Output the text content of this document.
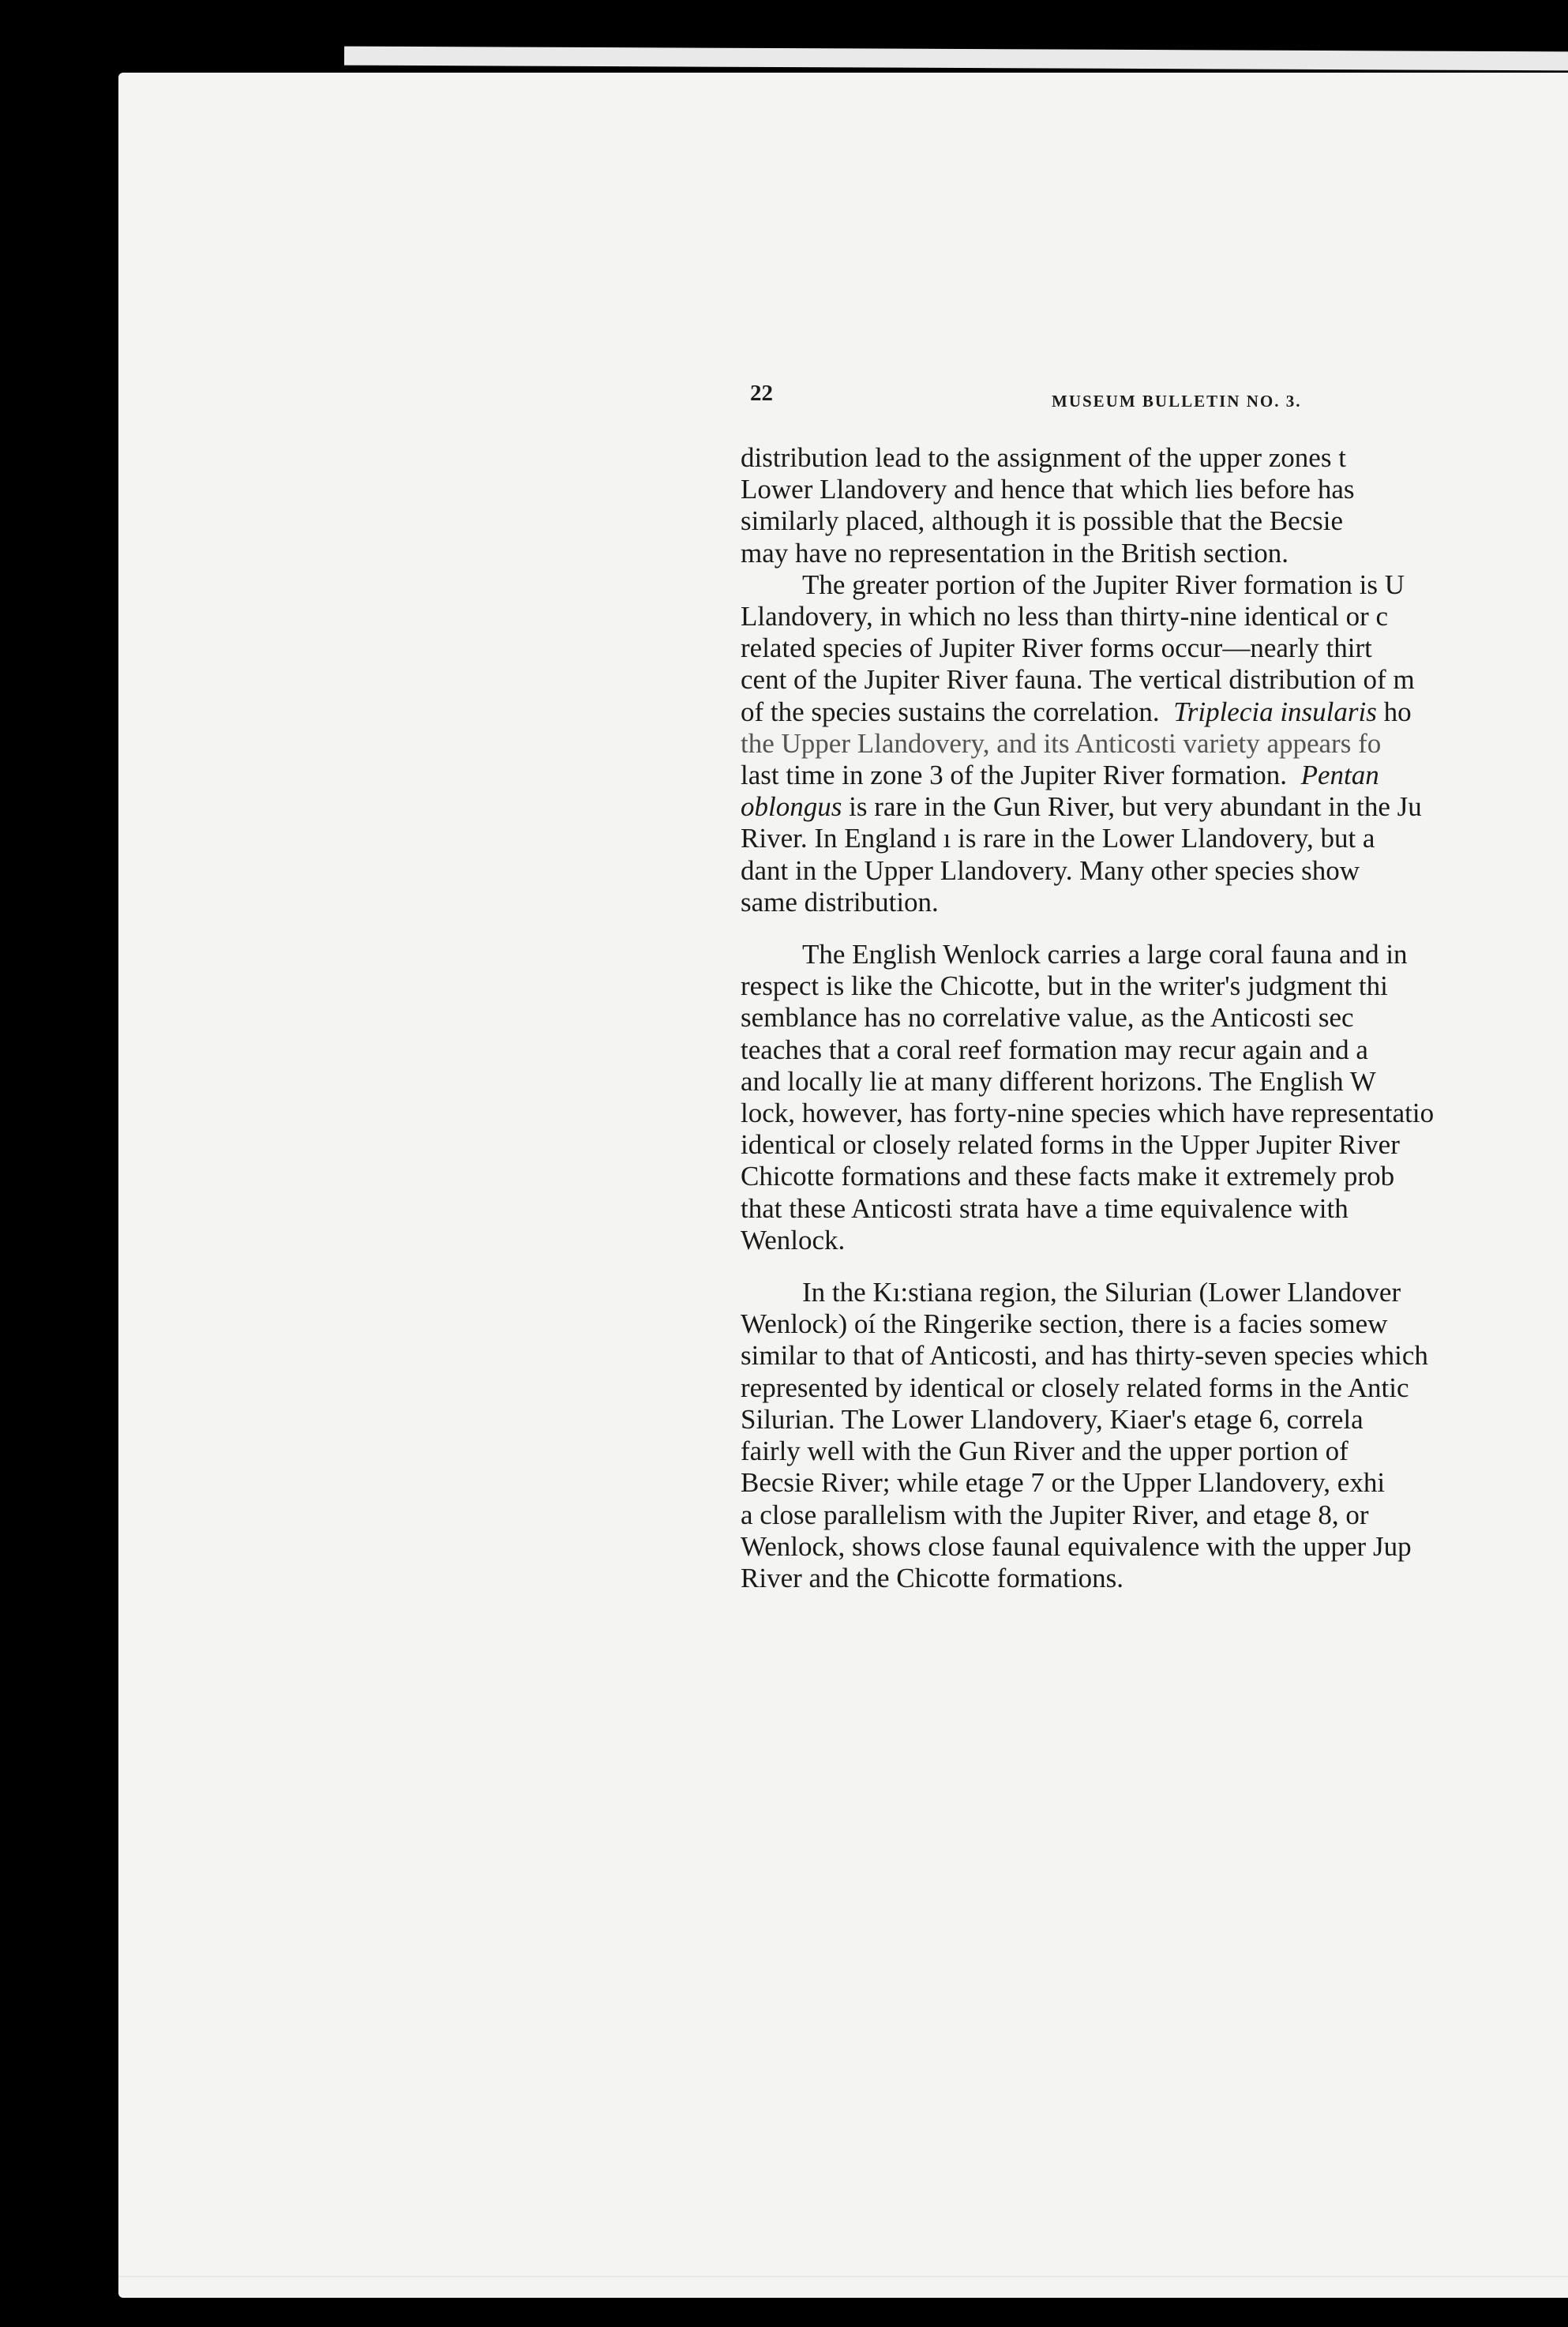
22	MUSEUM BULLETIN NO. 3.

distribution lead to the assignment of the upper zones t
Lower Llandovery and hence that which lies before has
similarly placed, although it is possible that the Becsie
may have no representation in the British section.

The greater portion of the Jupiter River formation is U
Llandovery, in which no less than thirty-nine identical or c
related species of Jupiter River forms occur—nearly thirt
cent of the Jupiter River fauna. The vertical distribution of m
of the species sustains the correlation. Triplecia insularis ho
the Upper Llandovery, and its Anticosti variety appears fo
last time in zone 3 of the Jupiter River formation. Pentan
oblongus is rare in the Gun River, but very abundant in the Ju
River. In England ı is rare in the Lower Llandovery, but a
dant in the Upper Llandovery. Many other species show
same distribution.

The English Wenlock carries a large coral fauna and in
respect is like the Chicotte, but in the writer's judgment thi
semblance has no correlative value, as the Anticosti sec
teaches that a coral reef formation may recur again and a
and locally lie at many different horizons. The English W
lock, however, has forty-nine species which have representatio
identical or closely related forms in the Upper Jupiter River
Chicotte formations and these facts make it extremely prob
that these Anticosti strata have a time equivalence with
Wenlock.

In the Kı:stiana region, the Silurian (Lower Llandover
Wenlock) oí the Ringerike section, there is a facies somew
similar to that of Anticosti, and has thirty-seven species which
represented by identical or closely related forms in the Antic
Silurian. The Lower Llandovery, Kiaer's etage 6, correla
fairly well with the Gun River and the upper portion of
Becsie River; while etage 7 or the Upper Llandovery, exhi
a close parallelism with the Jupiter River, and etage 8, or
Wenlock, shows close faunal equivalence with the upper Jup
River and the Chicotte formations.
